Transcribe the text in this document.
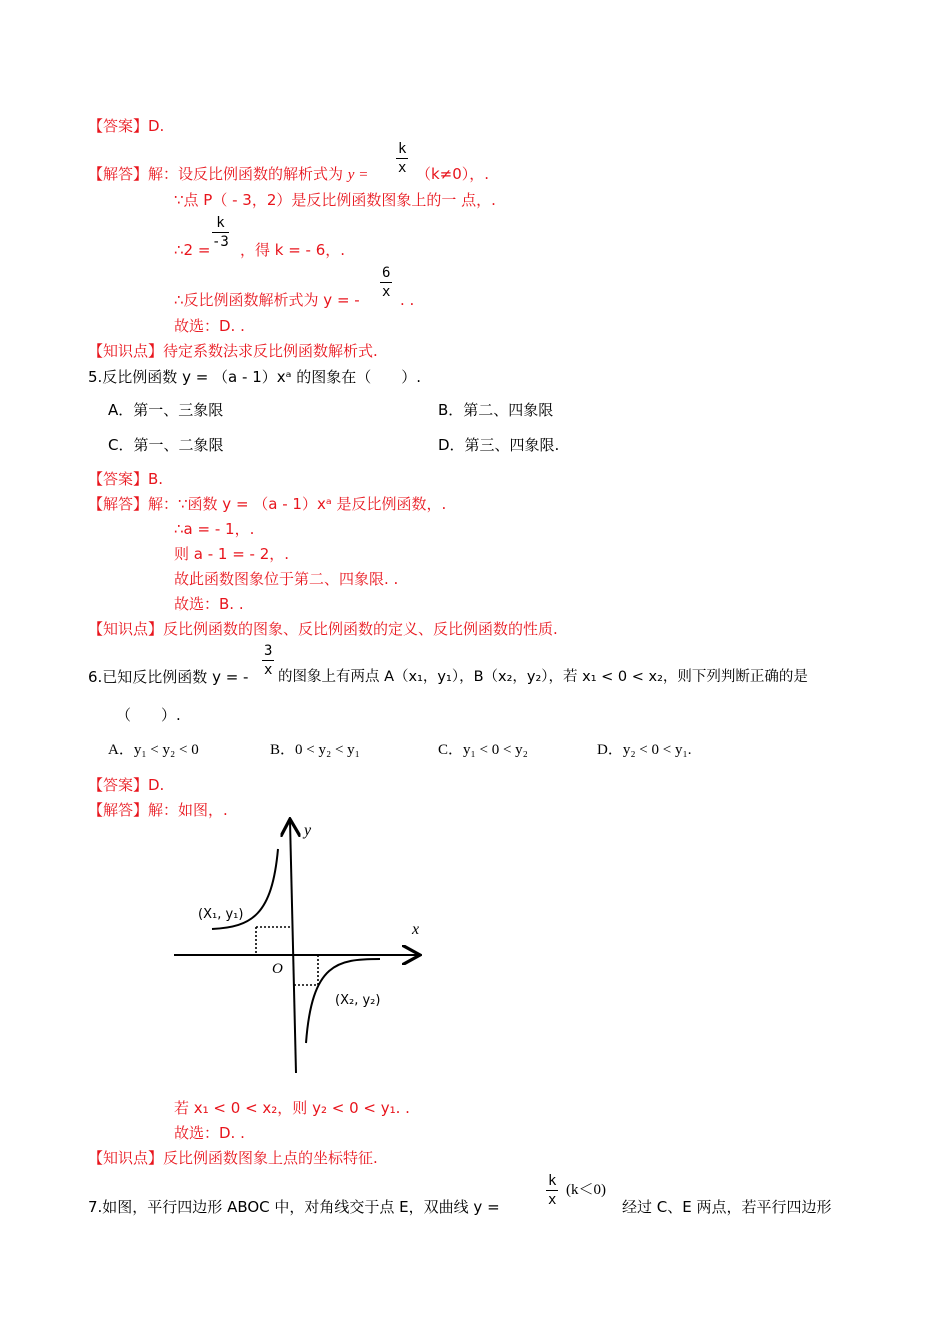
【答案】D.
$\frac{k}{x}$
【解答】解：设反比例函数的解析式为 y =	（k≠0），.
∵点 P（ - 3，2）是反比例函数图象上的一 点，.
$\frac{k}{-3}$
∴2 = ，得 k = - 6，.
$\frac{6}{x}$
∴反比例函数解析式为 y = -	. .
故选：D. .
【知识点】待定系数法求反比例函数解析式.
5.反比例函数 y = （a - 1）xᵃ 的图象在（　　）.
A．第一、三象限	B．第二、四象限
C．第一、二象限	D．第三、四象限.
【答案】B.
【解答】解：∵函数 y = （a - 1）xᵃ 是反比例函数，.
∴a = - 1，.
则 a - 1 = - 2，.
故此函数图象位于第二、四象限. .
故选：B. .
【知识点】反比例函数的图象、反比例函数的定义、反比例函数的性质.
$\frac{3}{x}$
6.已知反比例函数 y = - 的图象上有两点 A（x₁，y₁），B（x₂，y₂），若 x₁ < 0 < x₂，则下列判断正确的是
（　　）.
A．y₁ < y₂ < 0	B．0 < y₂ < y₁	C．y₁ < 0 < y₂	D．y₂ < 0 < y₁.
【答案】D.
【解答】解：如图，.
y
x
O
(X₁, y₁)
(X₂, y₂)
若 x₁ < 0 < x₂，则 y₂ < 0 < y₁. .
故选：D. .
【知识点】反比例函数图象上点的坐标特征.
$\frac{k}{x} (k<0)$
7.如图，平行四边形 ABOC 中，对角线交于点 E，双曲线 y =	经过 C、E 两点，若平行四边形
